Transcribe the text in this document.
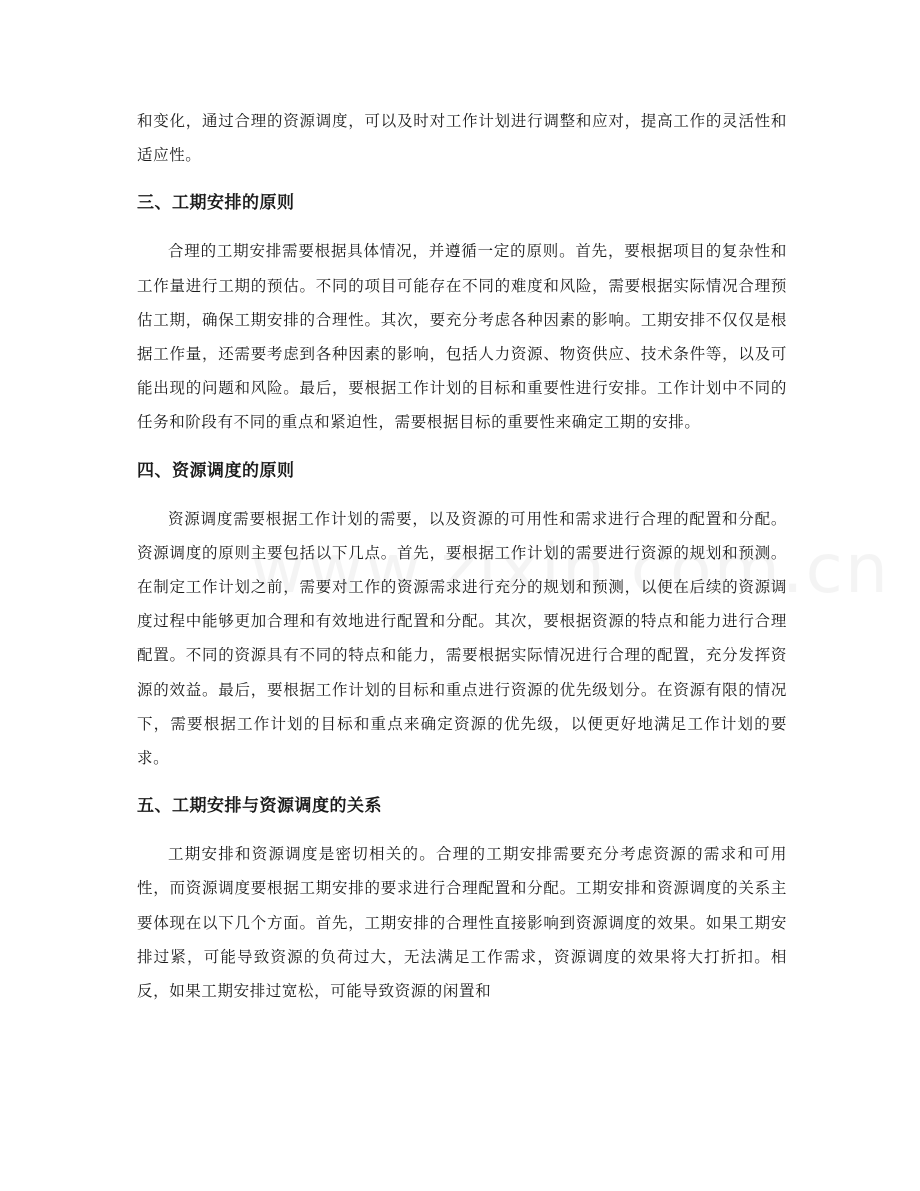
和变化，通过合理的资源调度，可以及时对工作计划进行调整和应对，提高工作的灵活性和适应性。

三、工期安排的原则

合理的工期安排需要根据具体情况，并遵循一定的原则。首先，要根据项目的复杂性和工作量进行工期的预估。不同的项目可能存在不同的难度和风险，需要根据实际情况合理预估工期，确保工期安排的合理性。其次，要充分考虑各种因素的影响。工期安排不仅仅是根据工作量，还需要考虑到各种因素的影响，包括人力资源、物资供应、技术条件等，以及可能出现的问题和风险。最后，要根据工作计划的目标和重要性进行安排。工作计划中不同的任务和阶段有不同的重点和紧迫性，需要根据目标的重要性来确定工期的安排。

四、资源调度的原则

资源调度需要根据工作计划的需要，以及资源的可用性和需求进行合理的配置和分配。资源调度的原则主要包括以下几点。首先，要根据工作计划的需要进行资源的规划和预测。在制定工作计划之前，需要对工作的资源需求进行充分的规划和预测，以便在后续的资源调度过程中能够更加合理和有效地进行配置和分配。其次，要根据资源的特点和能力进行合理配置。不同的资源具有不同的特点和能力，需要根据实际情况进行合理的配置，充分发挥资源的效益。最后，要根据工作计划的目标和重点进行资源的优先级划分。在资源有限的情况下，需要根据工作计划的目标和重点来确定资源的优先级，以便更好地满足工作计划的要求。

五、工期安排与资源调度的关系

工期安排和资源调度是密切相关的。合理的工期安排需要充分考虑资源的需求和可用性，而资源调度要根据工期安排的要求进行合理配置和分配。工期安排和资源调度的关系主要体现在以下几个方面。首先，工期安排的合理性直接影响到资源调度的效果。如果工期安排过紧，可能导致资源的负荷过大，无法满足工作需求，资源调度的效果将大打折扣。相反，如果工期安排过宽松，可能导致资源的闲置和
